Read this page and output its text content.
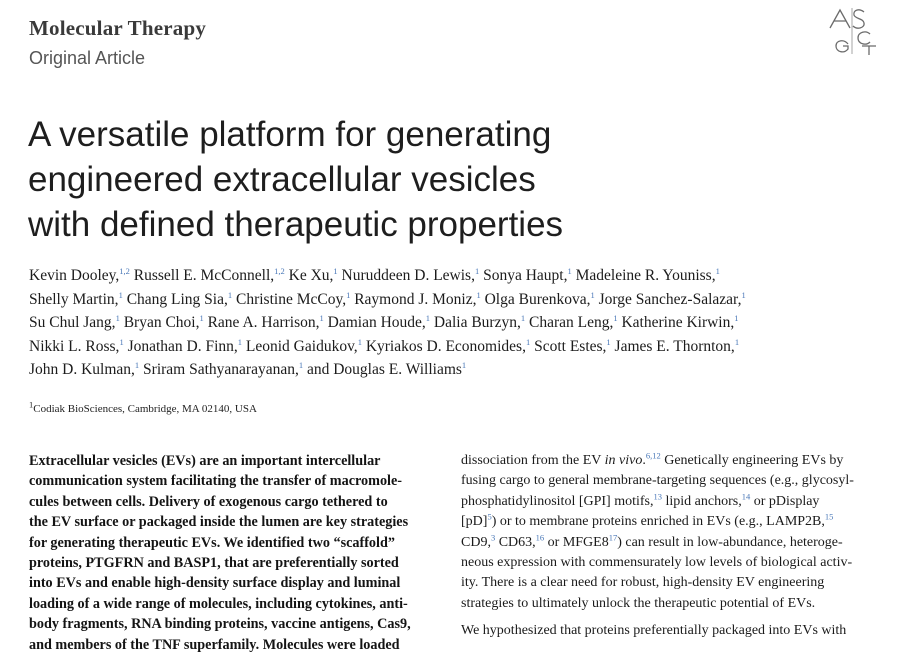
Molecular Therapy
Original Article
A versatile platform for generating
engineered extracellular vesicles
with defined therapeutic properties
Kevin Dooley,$^{1,2}$ Russell E. McConnell,$^{1,2}$ Ke Xu,$^1$ Nuruddeen D. Lewis,$^1$ Sonya Haupt,$^1$ Madeleine R. Youniss,$^1$
Shelly Martin,$^1$ Chang Ling Sia,$^1$ Christine McCoy,$^1$ Raymond J. Moniz,$^1$ Olga Burenkova,$^1$ Jorge Sanchez-Salazar,$^1$
Su Chul Jang,$^1$ Bryan Choi,$^1$ Rane A. Harrison,$^1$ Damian Houde,$^1$ Dalia Burzyn,$^1$ Charan Leng,$^1$ Katherine Kirwin,$^1$
Nikki L. Ross,$^1$ Jonathan D. Finn,$^1$ Leonid Gaidukov,$^1$ Kyriakos D. Economides,$^1$ Scott Estes,$^1$ James E. Thornton,$^1$
John D. Kulman,$^1$ Sriram Sathyanarayanan,$^1$ and Douglas E. Williams$^1$
$^1$Codiak BioSciences, Cambridge, MA 02140, USA
Extracellular vesicles (EVs) are an important intercellular
communication system facilitating the transfer of macromole-
cules between cells. Delivery of exogenous cargo tethered to
the EV surface or packaged inside the lumen are key strategies
for generating therapeutic EVs. We identified two “scaffold”
proteins, PTGFRN and BASP1, that are preferentially sorted
into EVs and enable high-density surface display and luminal
loading of a wide range of molecules, including cytokines, anti-
body fragments, RNA binding proteins, vaccine antigens, Cas9,
and members of the TNF superfamily. Molecules were loaded
dissociation from the EV in vivo.$^{6,12}$ Genetically engineering EVs by
fusing cargo to general membrane-targeting sequences (e.g., glycosyl-
phosphatidylinositol [GPI] motifs,$^{13}$ lipid anchors,$^{14}$ or pDisplay
[pD]$^5$) or to membrane proteins enriched in EVs (e.g., LAMP2B,$^{15}$
CD9,$^3$ CD63,16 or $MFGE8^{17}$) can result in low-abundance, heteroge-
neous expression with commensurately low levels of biological activ-
ity. There is a clear need for robust, high-density EV engineering
strategies to ultimately unlock the therapeutic potential of EVs.
We hypothesized that proteins preferentially packaged into EVs with
